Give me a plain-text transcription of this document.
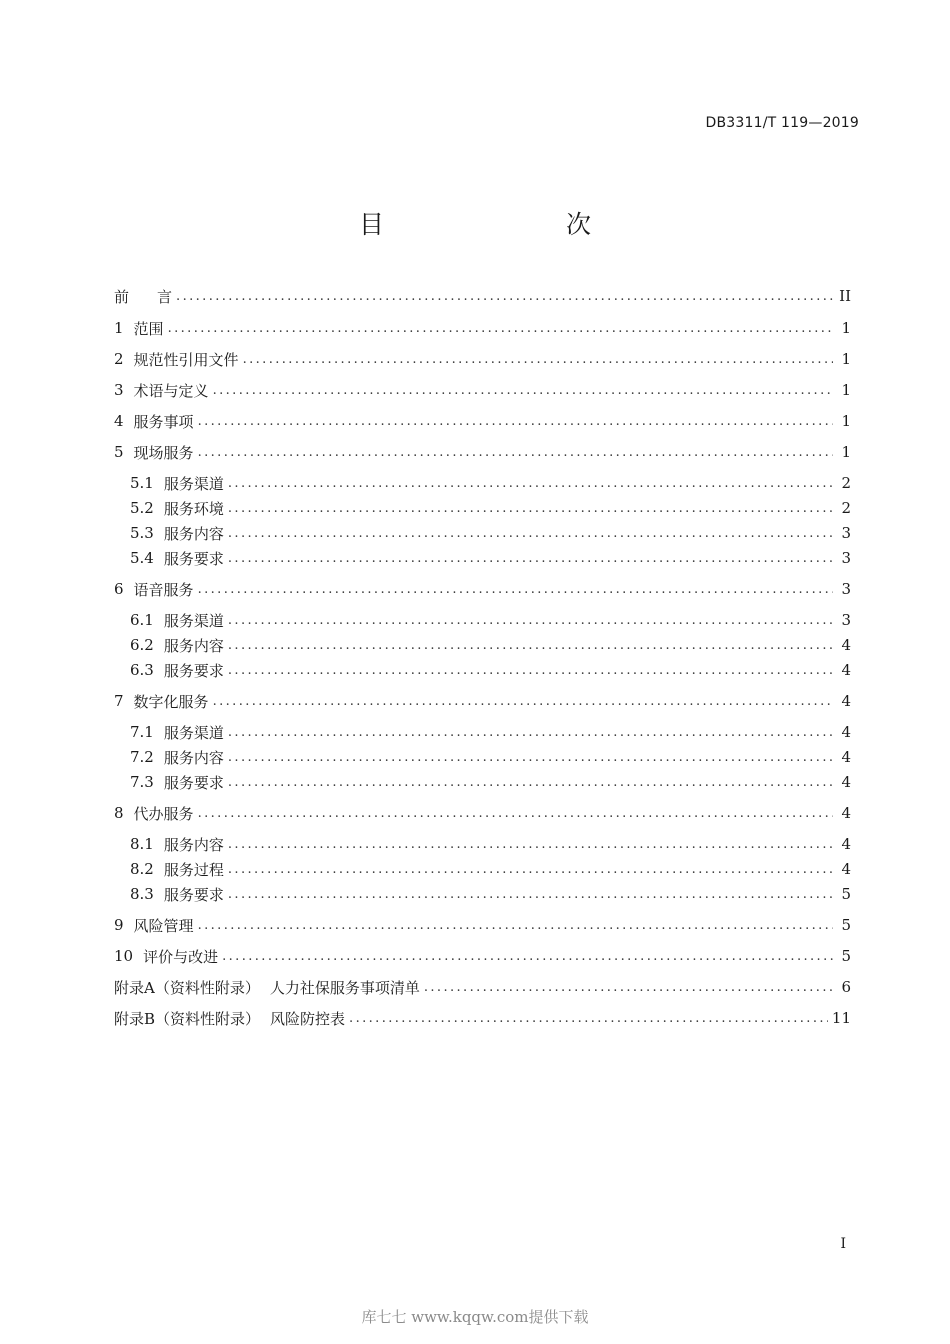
DB3311/T 119—2019
目　　次
前 言 .....	II
1 范围 .....	1
2 规范性引用文件 .....	1
3 术语与定义 .....	1
4 服务事项 .....	1
5 现场服务 .....	1
5.1 服务渠道 .....	2
5.2 服务环境 .....	2
5.3 服务内容 .....	3
5.4 服务要求 .....	3
6 语音服务 .....	3
6.1 服务渠道 .....	3
6.2 服务内容 .....	4
6.3 服务要求 .....	4
7 数字化服务 .....	4
7.1 服务渠道 .....	4
7.2 服务内容 .....	4
7.3 服务要求 .....	4
8 代办服务 .....	4
8.1 服务内容 .....	4
8.2 服务过程 .....	4
8.3 服务要求 .....	5
9 风险管理 .....	5
10 评价与改进 .....	5
附录A（资料性附录） 人力社保服务事项清单 .....	6
附录B（资料性附录） 风险防控表 .....	11
I
库七七 www.kqqw.com提供下载
